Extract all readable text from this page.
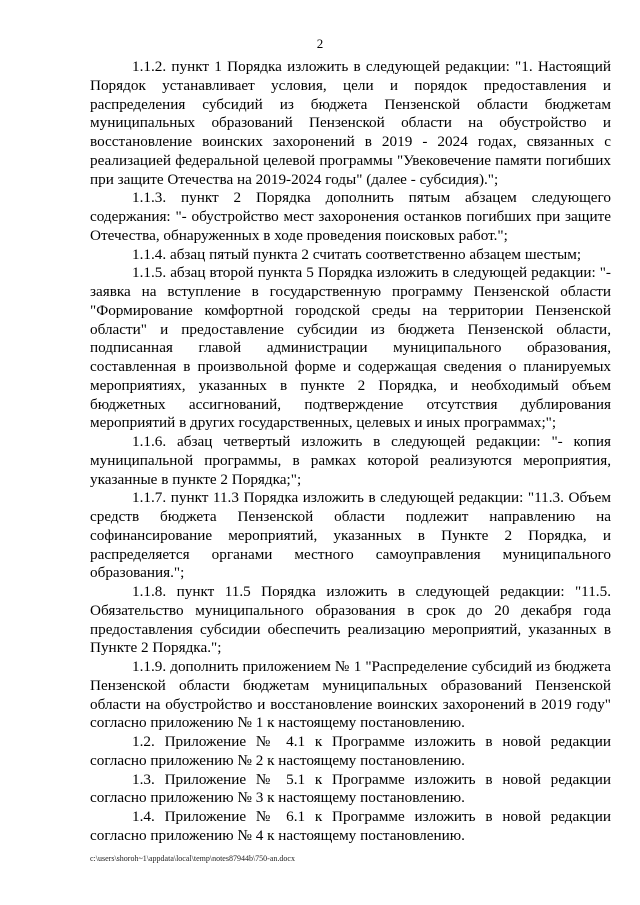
2

1.1.2. пункт 1 Порядка изложить в следующей редакции: "1. Настоящий Порядок устанавливает условия, цели и порядок предоставления и распределения субсидий из бюджета Пензенской области бюджетам муниципальных образований Пензенской области на обустройство и восстановление воинских захоронений в 2019 - 2024 годах, связанных с реализацией федеральной целевой программы "Увековечение памяти погибших при защите Отечества на 2019-2024 годы" (далее - субсидия).";

1.1.3. пункт 2 Порядка дополнить пятым абзацем следующего содержания: "- обустройство мест захоронения останков погибших при защите Отечества, обнаруженных в ходе проведения поисковых работ.";

1.1.4. абзац пятый пункта 2 считать соответственно абзацем шестым;

1.1.5. абзац второй пункта 5 Порядка изложить в следующей редакции: "- заявка на вступление в государственную программу Пензенской области "Формирование комфортной городской среды на территории Пензенской области" и предоставление субсидии из бюджета Пензенской области, подписанная главой администрации муниципального образования, составленная в произвольной форме и содержащая сведения о планируемых мероприятиях, указанных в пункте 2 Порядка, и необходимый объем бюджетных ассигнований, подтверждение отсутствия дублирования мероприятий в других государственных, целевых и иных программах;";

1.1.6. абзац четвертый изложить в следующей редакции: "- копия муниципальной программы, в рамках которой реализуются мероприятия, указанные в пункте 2 Порядка;";

1.1.7. пункт 11.3 Порядка изложить в следующей редакции: "11.3. Объем средств бюджета Пензенской области подлежит направлению на софинансирование мероприятий, указанных в Пункте 2 Порядка, и распределяется органами местного самоуправления муниципального образования.";

1.1.8. пункт 11.5 Порядка изложить в следующей редакции: "11.5. Обязательство муниципального образования в срок до 20 декабря года предоставления субсидии обеспечить реализацию мероприятий, указанных в Пункте 2 Порядка.";

1.1.9. дополнить приложением № 1 "Распределение субсидий из бюджета Пензенской области бюджетам муниципальных образований Пензенской области на обустройство и восстановление воинских захоронений в 2019 году" согласно приложению № 1 к настоящему постановлению.

1.2. Приложение № 4.1 к Программе изложить в новой редакции согласно приложению № 2 к настоящему постановлению.

1.3. Приложение № 5.1 к Программе изложить в новой редакции согласно приложению № 3 к настоящему постановлению.

1.4. Приложение № 6.1 к Программе изложить в новой редакции согласно приложению № 4 к настоящему постановлению.

c:\users\shoroh~1\appdata\local\temp\notes87944b\750-an.docx
